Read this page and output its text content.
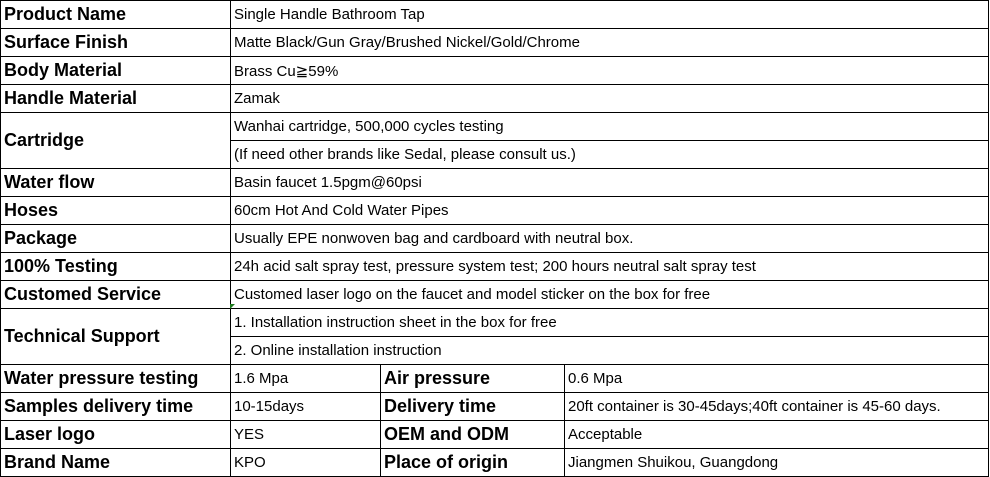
Product Name	Single Handle Bathroom Tap		
Surface Finish	Matte Black/Gun Gray/Brushed Nickel/Gold/Chrome		
Body Material	Brass Cu≧59%		
Handle Material	Zamak		
Cartridge	Wanhai cartridge, 500,000 cycles testing		
	(If need other brands like Sedal, please consult us.)		
Water flow	Basin faucet 1.5pgm@60psi		
Hoses	60cm Hot And Cold Water Pipes		
Package	Usually EPE nonwoven bag and cardboard with neutral box.		
100% Testing	24h acid salt spray test, pressure system test; 200 hours neutral salt spray test		
Customed Service	Customed laser logo on the faucet and model sticker on the box for free		
Technical Support	1. Installation instruction sheet in the box for free		
	2. Online installation instruction		
Water pressure testing	1.6 Mpa	Air pressure	0.6 Mpa
Samples delivery time	10-15days	Delivery time	20ft container is 30-45days;40ft container is 45-60 days.
Laser logo	YES	OEM and ODM	Acceptable
Brand Name	KPO	Place of origin	Jiangmen Shuikou, Guangdong
